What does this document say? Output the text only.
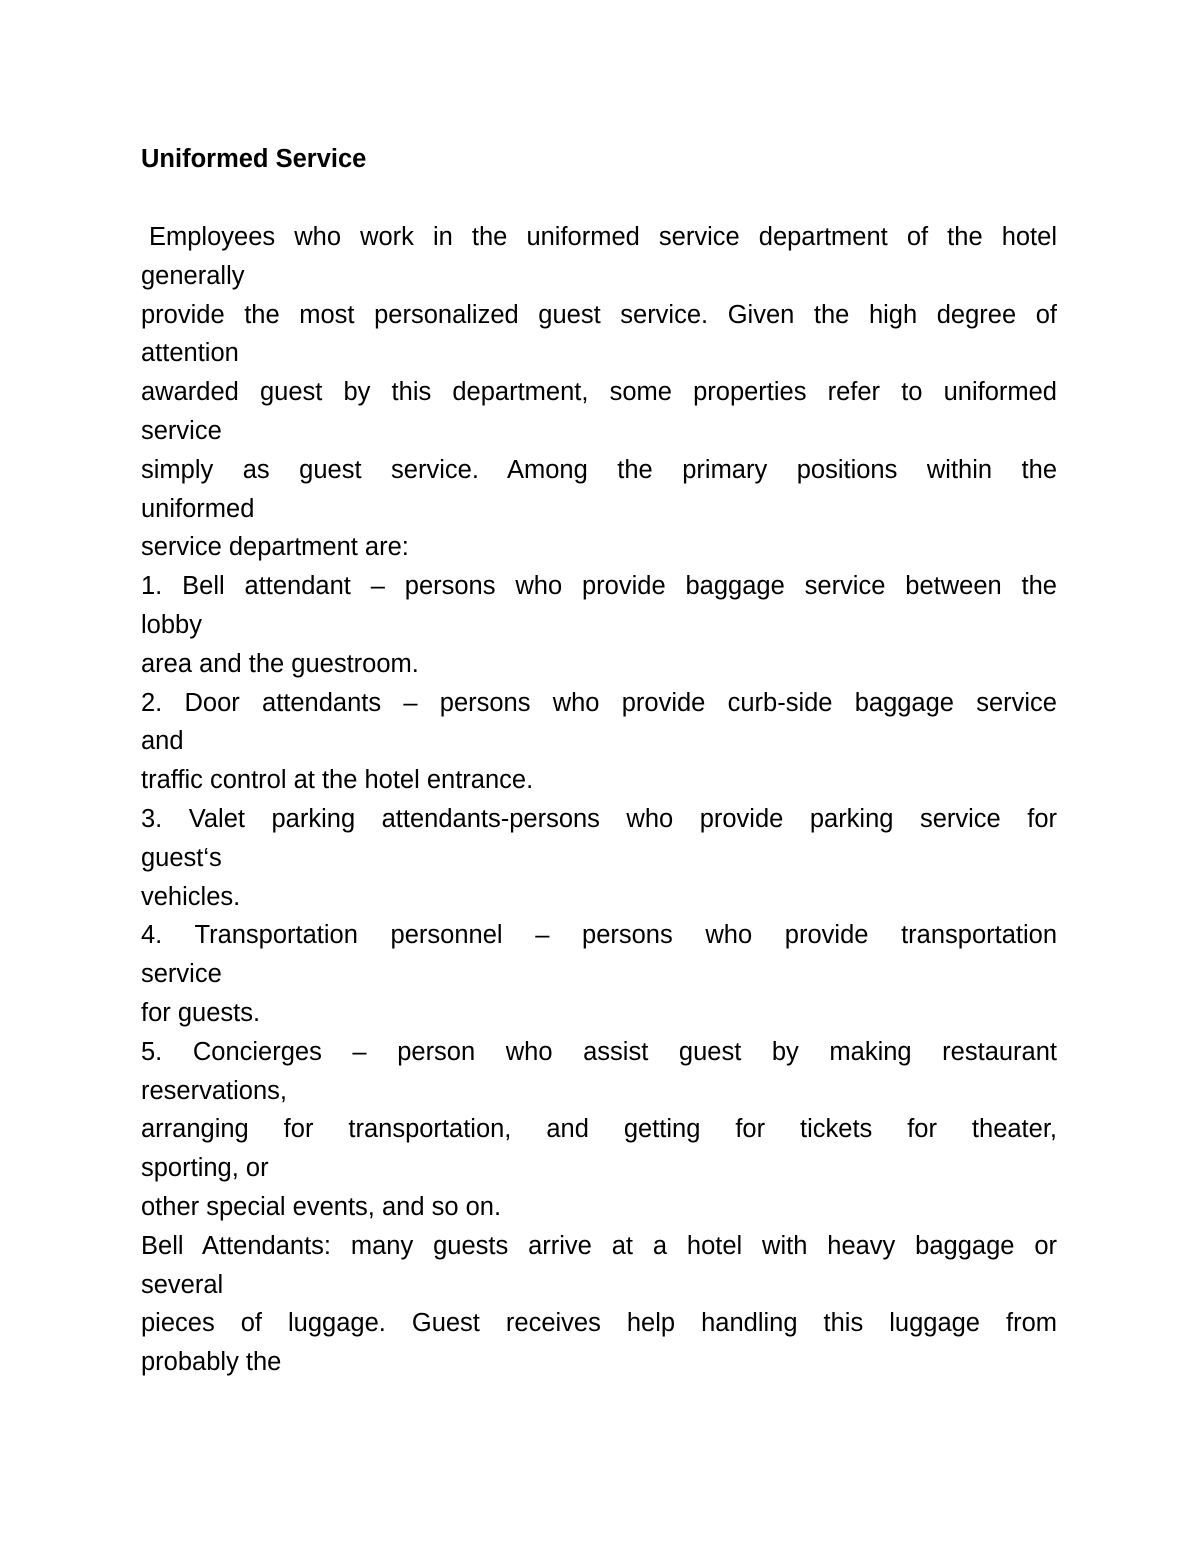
Uniformed Service

Employees who work in the uniformed service department of the hotel

generally

provide the most personalized guest service. Given the high degree of

attention

awarded guest by this department, some properties refer to uniformed

service

simply as guest service. Among the primary positions within the

uniformed

service department are:

1. Bell attendant – persons who provide baggage service between the

lobby

area and the guestroom.

2. Door attendants – persons who provide curb-side baggage service

and

traffic control at the hotel entrance.

3. Valet parking attendants-persons who provide parking service for

guest‘s

vehicles.

4. Transportation personnel – persons who provide transportation

service

for guests.

5. Concierges – person who assist guest by making restaurant

reservations,

arranging for transportation, and getting for tickets for theater,

sporting, or

other special events, and so on.

Bell Attendants: many guests arrive at a hotel with heavy baggage or

several

pieces of luggage. Guest receives help handling this luggage from

probably the
